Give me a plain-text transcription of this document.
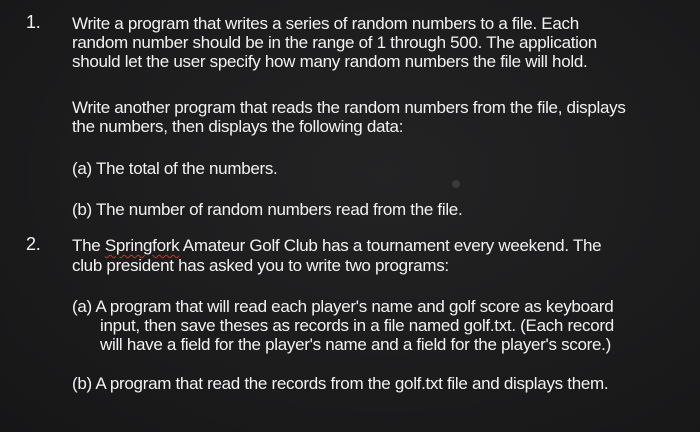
1. Write a program that writes a series of random numbers to a file. Each

random number should be in the range of 1 through 500. The application

should let the user specify how many random numbers the file will hold.

Write another program that reads the random numbers from the file, displays

the numbers, then displays the following data:

(a) The total of the numbers.

(b) The number of random numbers read from the file.

2. The Springfork Amateur Golf Club has a tournament every weekend. The

club president has asked you to write two programs:

(a) A program that will read each player's name and golf score as keyboard

input, then save theses as records in a file named golf.txt. (Each record

will have a field for the player's name and a field for the player's score.)

(b) A program that read the records from the golf.txt file and displays them.
